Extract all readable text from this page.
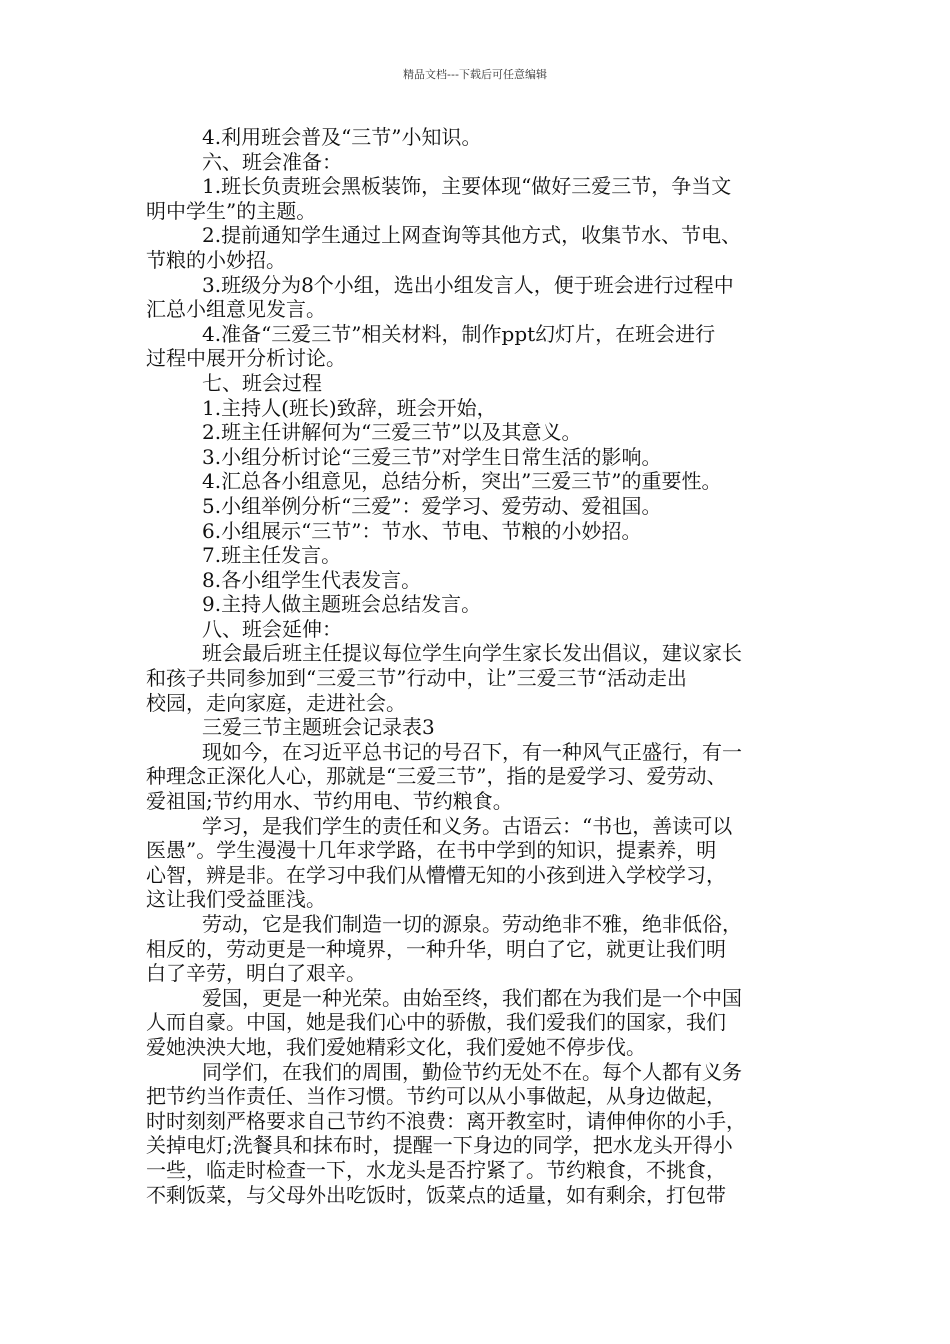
精品文档---下载后可任意编辑
4.利用班会普及“三节”小知识。
六、班会准备：
1.班长负责班会黑板装饰，主要体现“做好三爱三节，争当文
明中学生”的主题。
2.提前通知学生通过上网查询等其他方式，收集节水、节电、
节粮的小妙招。
3.班级分为8个小组，选出小组发言人，便于班会进行过程中
汇总小组意见发言。
4.准备“三爱三节”相关材料，制作ppt幻灯片，在班会进行
过程中展开分析讨论。
七、班会过程
1.主持人(班长)致辞，班会开始，
2.班主任讲解何为“三爱三节”以及其意义。
3.小组分析讨论“三爱三节”对学生日常生活的影响。
4.汇总各小组意见，总结分析，突出”三爱三节”的重要性。
5.小组举例分析“三爱”：爱学习、爱劳动、爱祖国。
6.小组展示“三节”：节水、节电、节粮的小妙招。
7.班主任发言。
8.各小组学生代表发言。
9.主持人做主题班会总结发言。
八、班会延伸：
班会最后班主任提议每位学生向学生家长发出倡议，建议家长
和孩子共同参加到“三爱三节”行动中，让”三爱三节“活动走出
校园，走向家庭，走进社会。
三爱三节主题班会记录表3
现如今，在习近平总书记的号召下，有一种风气正盛行，有一
种理念正深化人心，那就是“三爱三节”，指的是爱学习、爱劳动、
爱祖国;节约用水、节约用电、节约粮食。
学习，是我们学生的责任和义务。古语云：“书也，善读可以
医愚”。学生漫漫十几年求学路，在书中学到的知识，提素养，明
心智，辨是非。在学习中我们从懵懵无知的小孩到进入学校学习，
这让我们受益匪浅。
劳动，它是我们制造一切的源泉。劳动绝非不雅，绝非低俗，
相反的，劳动更是一种境界，一种升华，明白了它，就更让我们明
白了辛劳，明白了艰辛。
爱国，更是一种光荣。由始至终，我们都在为我们是一个中国
人而自豪。中国，她是我们心中的骄傲，我们爱我们的国家，我们
爱她泱泱大地，我们爱她精彩文化，我们爱她不停步伐。
同学们，在我们的周围，勤俭节约无处不在。每个人都有义务
把节约当作责任、当作习惯。节约可以从小事做起，从身边做起，
时时刻刻严格要求自己节约不浪费：离开教室时，请伸伸你的小手，
关掉电灯;洗餐具和抹布时，提醒一下身边的同学，把水龙头开得小
一些，临走时检查一下，水龙头是否拧紧了。节约粮食，不挑食，
不剩饭菜，与父母外出吃饭时，饭菜点的适量，如有剩余，打包带
